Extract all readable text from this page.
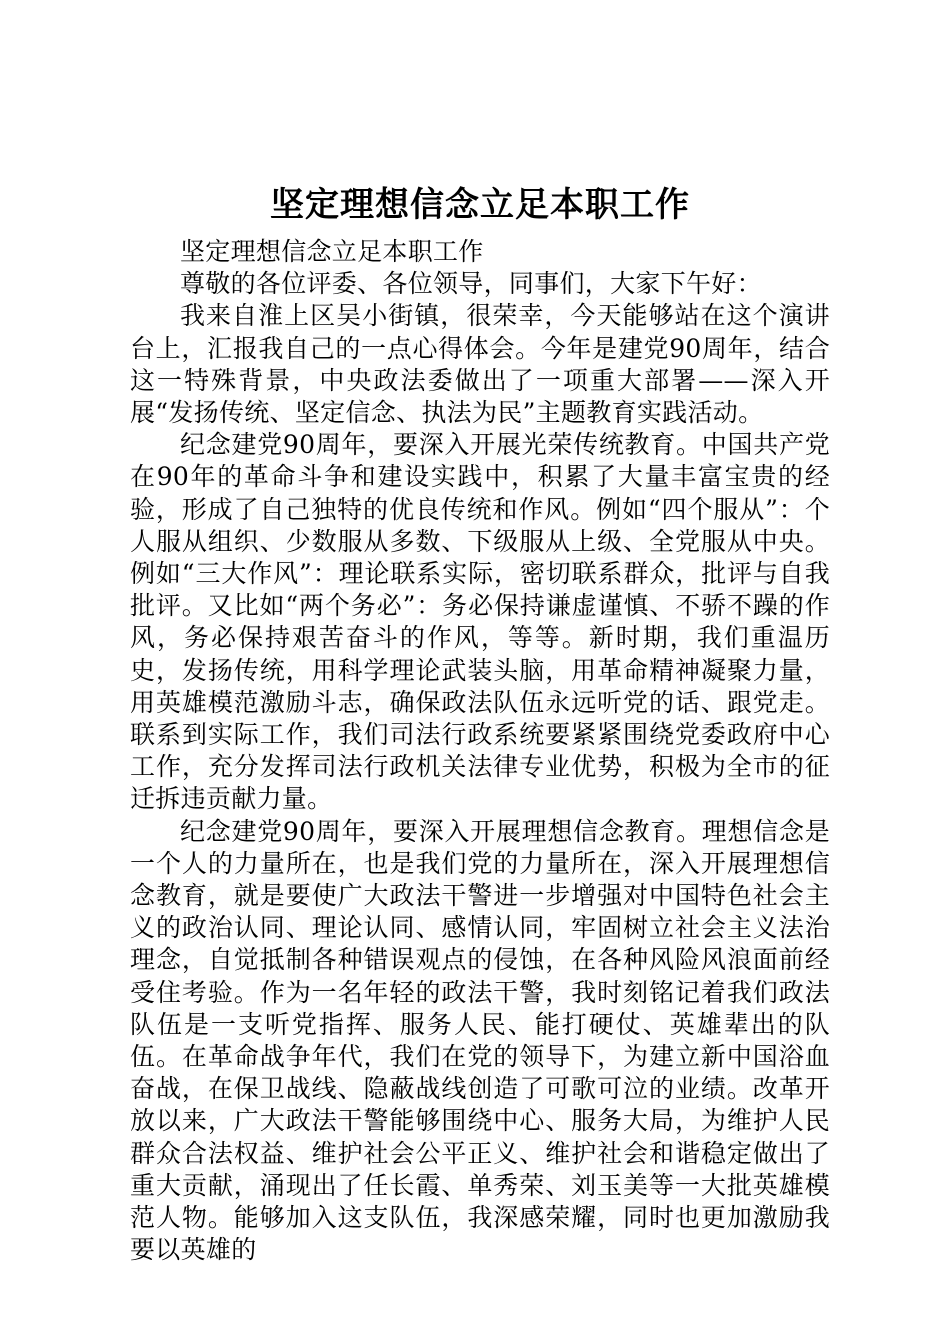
坚定理想信念立足本职工作

坚定理想信念立足本职工作

尊敬的各位评委、各位领导，同事们，大家下午好：

我来自淮上区吴小街镇，很荣幸，今天能够站在这个演讲台上，汇报我自己的一点心得体会。今年是建党90周年，结合这一特殊背景，中央政法委做出了一项重大部署——深入开展“发扬传统、坚定信念、执法为民”主题教育实践活动。

纪念建党90周年，要深入开展光荣传统教育。中国共产党在90年的革命斗争和建设实践中，积累了大量丰富宝贵的经验，形成了自己独特的优良传统和作风。例如“四个服从”：个人服从组织、少数服从多数、下级服从上级、全党服从中央。例如“三大作风”：理论联系实际，密切联系群众，批评与自我批评。又比如“两个务必”：务必保持谦虚谨慎、不骄不躁的作风，务必保持艰苦奋斗的作风，等等。新时期，我们重温历史，发扬传统，用科学理论武装头脑，用革命精神凝聚力量，用英雄模范激励斗志，确保政法队伍永远听党的话、跟党走。联系到实际工作，我们司法行政系统要紧紧围绕党委政府中心工作，充分发挥司法行政机关法律专业优势，积极为全市的征迁拆违贡献力量。

纪念建党90周年，要深入开展理想信念教育。理想信念是一个人的力量所在，也是我们党的力量所在，深入开展理想信念教育，就是要使广大政法干警进一步增强对中国特色社会主义的政治认同、理论认同、感情认同，牢固树立社会主义法治理念，自觉抵制各种错误观点的侵蚀，在各种风险风浪面前经受住考验。作为一名年轻的政法干警，我时刻铭记着我们政法队伍是一支听党指挥、服务人民、能打硬仗、英雄辈出的队伍。在革命战争年代，我们在党的领导下，为建立新中国浴血奋战，在保卫战线、隐蔽战线创造了可歌可泣的业绩。改革开放以来，广大政法干警能够围绕中心、服务大局，为维护人民群众合法权益、维护社会公平正义、维护社会和谐稳定做出了重大贡献，涌现出了任长霞、单秀荣、刘玉美等一大批英雄模范人物。能够加入这支队伍，我深感荣耀，同时也更加激励我要以英雄的
